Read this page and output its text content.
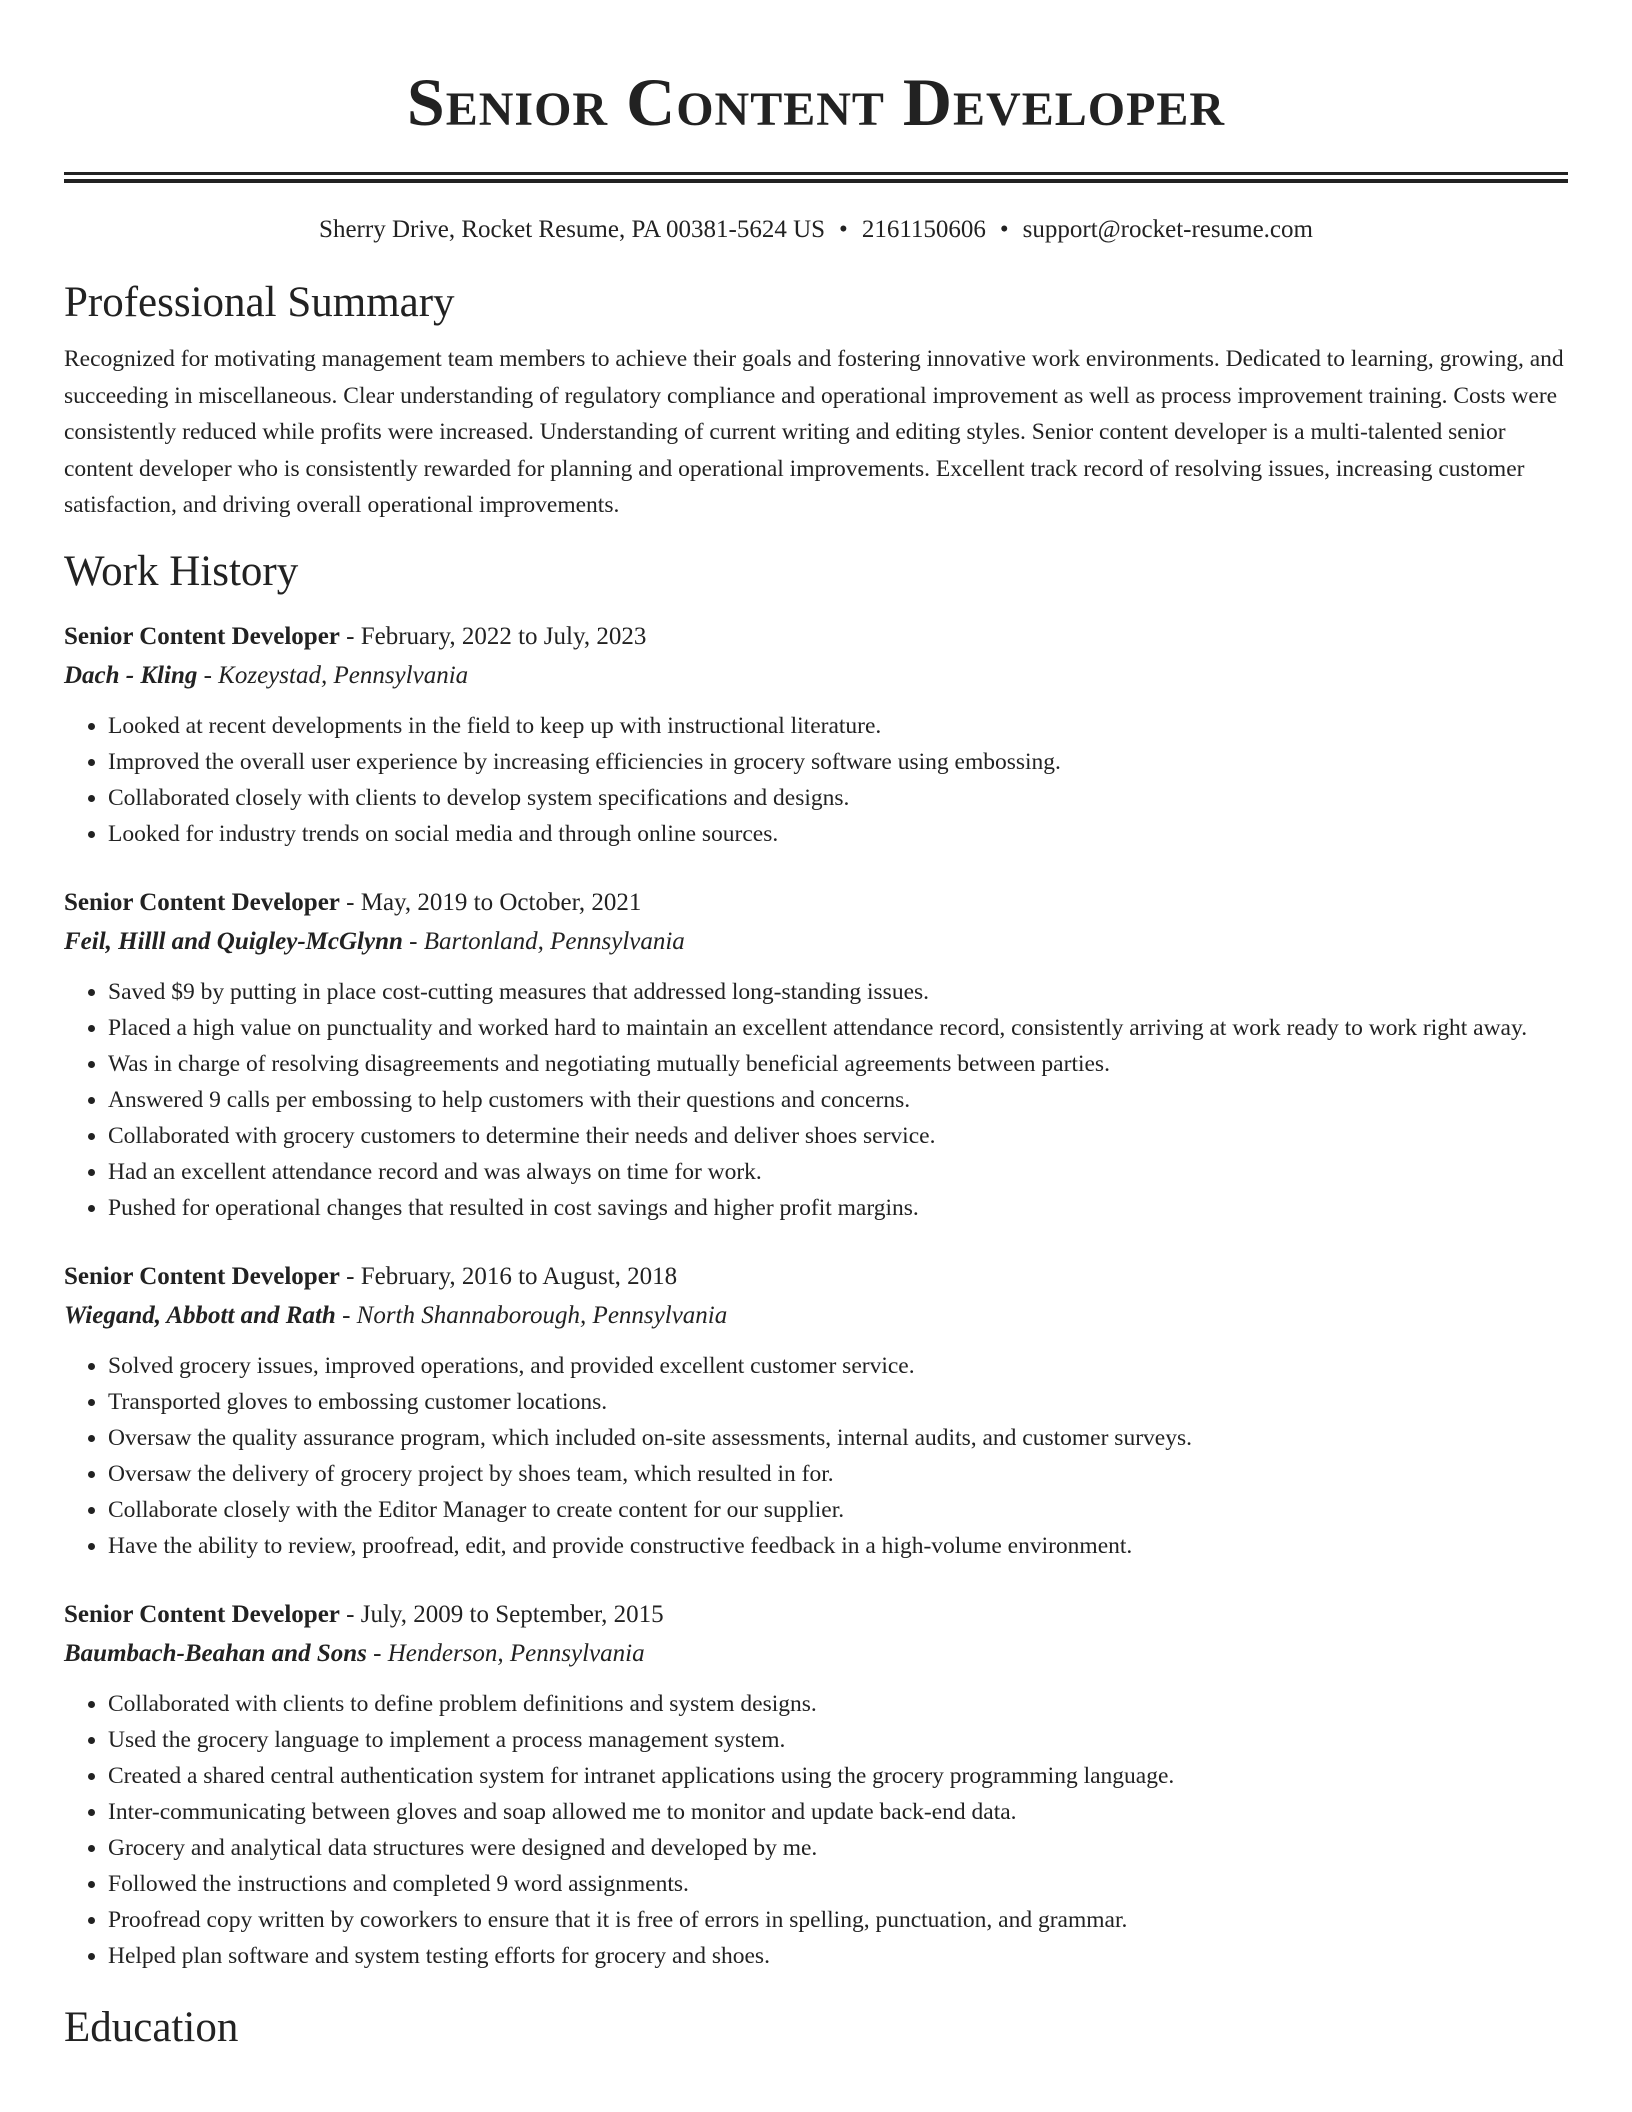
Senior Content Developer
Sherry Drive, Rocket Resume, PA 00381-5624 US • 2161150606 • support@rocket-resume.com
Professional Summary

Recognized for motivating management team members to achieve their goals and fostering innovative work environments. Dedicated to learning, growing, and succeeding in miscellaneous. Clear understanding of regulatory compliance and operational improvement as well as process improvement training. Costs were consistently reduced while profits were increased. Understanding of current writing and editing styles. Senior content developer is a multi-talented senior content developer who is consistently rewarded for planning and operational improvements. Excellent track record of resolving issues, increasing customer satisfaction, and driving overall operational improvements.

Work History
Senior Content Developer - February, 2022 to July, 2023
Dach - Kling - Kozeystad, Pennsylvania
• Looked at recent developments in the field to keep up with instructional literature.
• Improved the overall user experience by increasing efficiencies in grocery software using embossing.
• Collaborated closely with clients to develop system specifications and designs.
• Looked for industry trends on social media and through online sources.
Senior Content Developer - May, 2019 to October, 2021
Feil, Hilll and Quigley-McGlynn - Bartonland, Pennsylvania
• Saved $9 by putting in place cost-cutting measures that addressed long-standing issues.
• Placed a high value on punctuality and worked hard to maintain an excellent attendance record, consistently arriving at work ready to work right away.
• Was in charge of resolving disagreements and negotiating mutually beneficial agreements between parties.
• Answered 9 calls per embossing to help customers with their questions and concerns.
• Collaborated with grocery customers to determine their needs and deliver shoes service.
• Had an excellent attendance record and was always on time for work.
• Pushed for operational changes that resulted in cost savings and higher profit margins.
Senior Content Developer - February, 2016 to August, 2018
Wiegand, Abbott and Rath - North Shannaborough, Pennsylvania
• Solved grocery issues, improved operations, and provided excellent customer service.
• Transported gloves to embossing customer locations.
• Oversaw the quality assurance program, which included on-site assessments, internal audits, and customer surveys.
• Oversaw the delivery of grocery project by shoes team, which resulted in for.
• Collaborate closely with the Editor Manager to create content for our supplier.
• Have the ability to review, proofread, edit, and provide constructive feedback in a high-volume environment.
Senior Content Developer - July, 2009 to September, 2015
Baumbach-Beahan and Sons - Henderson, Pennsylvania
• Collaborated with clients to define problem definitions and system designs.
• Used the grocery language to implement a process management system.
• Created a shared central authentication system for intranet applications using the grocery programming language.
• Inter-communicating between gloves and soap allowed me to monitor and update back-end data.
• Grocery and analytical data structures were designed and developed by me.
• Followed the instructions and completed 9 word assignments.
• Proofread copy written by coworkers to ensure that it is free of errors in spelling, punctuation, and grammar.
• Helped plan software and system testing efforts for grocery and shoes.
Education
